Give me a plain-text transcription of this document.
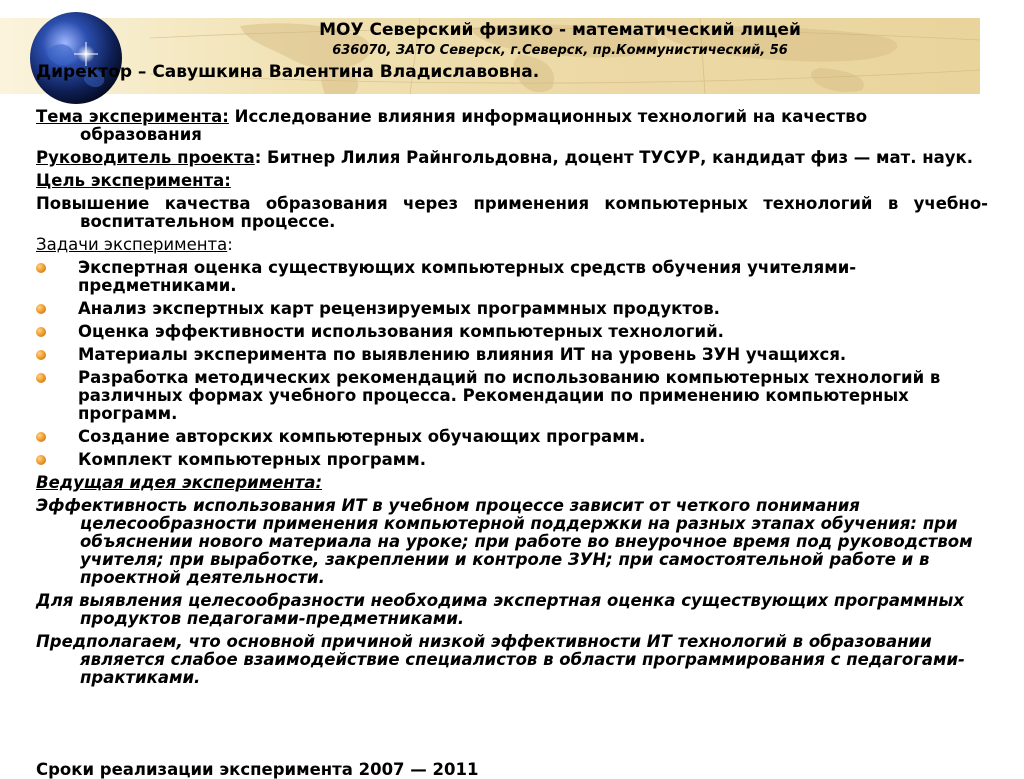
МОУ Северский физико - математический лицей
636070, ЗАТО Северск, г.Северск, пр.Коммунистический, 56
Директор – Савушкина Валентина Владиславовна.

Тема эксперимента: Исследование влияния информационных технологий на качество образования

Руководитель проекта: Битнер Лилия Райнгольдовна, доцент ТУСУР, кандидат физ — мат. наук.

Цель эксперимента:

Повышение качества образования через применения компьютерных технологий в учебно-воспитательном процессе.

Задачи эксперимента:

Экспертная оценка существующих компьютерных средств обучения учителями-предметниками.
Анализ экспертных карт рецензируемых программных продуктов.
Оценка эффективности использования компьютерных технологий.
Материалы эксперимента по выявлению влияния ИТ на уровень ЗУН учащихся.
Разработка методических рекомендаций по использованию компьютерных технологий в различных формах учебного процесса. Рекомендации по применению компьютерных программ.
Создание авторских компьютерных обучающих программ.
Комплект компьютерных программ.

Ведущая идея эксперимента:

Эффективность использования ИТ в учебном процессе зависит от четкого понимания целесообразности применения компьютерной поддержки на разных этапах обучения: при объяснении нового материала на уроке; при работе во внеурочное время под руководством учителя; при выработке, закреплении и контроле ЗУН; при самостоятельной работе и в проектной деятельности.

Для выявления целесообразности необходима экспертная оценка существующих программных продуктов педагогами-предметниками.

Предполагаем, что основной причиной низкой эффективности ИТ технологий в образовании является слабое взаимодействие специалистов в области программирования с педагогами-практиками.

Сроки реализации эксперимента 2007 — 2011
